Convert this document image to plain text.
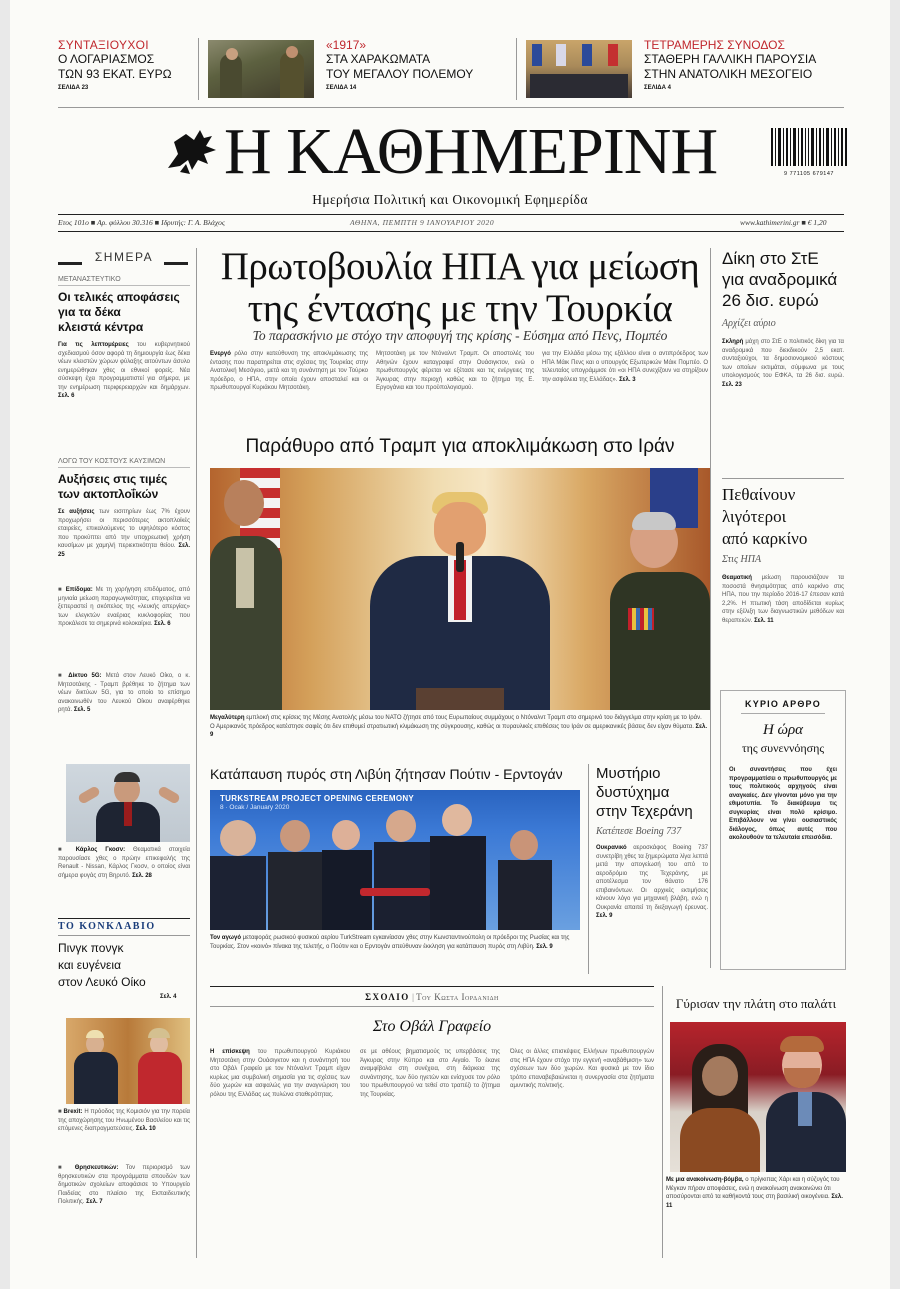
ΣΥΝΤΑΞΙΟΥΧΟΙ
Ο ΛΟΓΑΡΙΑΣΜΟΣ
ΤΩΝ 93 ΕΚΑΤ. ΕΥΡΩ
ΣΕΛΙΔΑ 23
«1917»
ΣΤΑ ΧΑΡΑΚΩΜΑΤΑ
ΤΟΥ ΜΕΓΑΛΟΥ ΠΟΛΕΜΟΥ
ΣΕΛΙΔΑ 14
ΤΕΤΡΑΜΕΡΗΣ ΣΥΝΟΔΟΣ
ΣΤΑΘΕΡΗ ΓΑΛΛΙΚΗ ΠΑΡΟΥΣΙΑ
ΣΤΗΝ ΑΝΑΤΟΛΙΚΗ ΜΕΣΟΓΕΙΟ
ΣΕΛΙΔΑ 4
Η ΚΑΘΗΜΕΡΙΝΗ	9 771105 679147
Ημερήσια Πολιτική και Οικονομική Εφημερίδα
Ετος 101ο ■ Αρ. φύλλου 30.316 ■ Ιδρυτής: Γ. Α. Βλάχος	ΑΘΗΝΑ, ΠΕΜΠΤΗ 9 ΙΑΝΟΥΑΡΙΟΥ 2020	www.kathimerini.gr ■ € 1,20
ΣΗΜΕΡΑ
ΜΕΤΑΝΑΣΤΕΥΤΙΚΟ
Οι τελικές αποφάσεις
για τα δέκα
κλειστά κέντρα
Για τις λεπτομέρειες του κυβερνητικού σχεδιασμού όσον αφορά τη δημιουργία έως δέκα νέων κλειστών χώρων φύλαξης αιτούντων άσυλο ενημερώθηκαν χθες οι εθνικοί φορείς. Νέα σύσκεψη έχει προγραμματιστεί για σήμερα, με την ενημέρωση περιφερειαρχών και δημάρχων. Σελ. 6
ΛΟΓΩ ΤΟΥ ΚΟΣΤΟΥΣ ΚΑΥΣΙΜΩΝ
Αυξήσεις στις τιμές
των ακτοπλοΐκών
Σε αυξήσεις των εισιτηρίων έως 7% έχουν προχωρήσει οι περισσότερες ακτοπλοϊκές εταιρείες, επικαλούμενες το υψηλότερο κόστος που προκύπτει από την υποχρεωτική χρήση καυσίμων με χαμηλή περιεκτικότητα θείου. Σελ. 25
■ Επίδομα: Με τη χορήγηση επιδόματος, από μηνιαία μείωση παραγωγικότητας, επιχειρείται να ξεπεραστεί η σκόπελος της «λευκής απεργίας» των ελεγκτών εναέριας κυκλοφορίας που προκάλεσε τα σημερινά κολοκαίρια. Σελ. 6
■ Δίκτυο 5G: Μετά στον Λευκό Οίκο, ο κ. Μητσοτάκης - Τραμπ βρέθηκε το ζήτημα των νέων δικτύων 5G, για το οποίο το επίσημο ανακοινωθέν του Λευκού Οίκου αναφέρθηκε ρητά. Σελ. 5
■ Κάρλος Γκοσν: Θεαματικά στοιχεία παρουσίασε χθες ο πρώην επικεφαλής της Renault - Nissan, Κάρλος Γκοσν, ο οποίος είναι σήμερα φυγάς στη Βηρυτό. Σελ. 28
ΤΟ ΚΟΝΚΛΑΒΙΟ
Πινγκ πονγκ
και ευγένεια
στον Λευκό Οίκο
Σελ. 4
■ Brexit: Η πρόοδος της Κομισιόν για την πορεία της αποχώρησης του Ηνωμένου Βασιλείου και τις επόμενες διαπραγματεύσεις. Σελ. 10
■ Θρησκευτικών: Τον περιορισμό των θρησκευτικών στα προγράμματα σπουδών των δημοτικών σχολείων αποφάσισε το Υπουργείο Παιδείας στο πλαίσιο της Εκπαιδευτικής Πολιτικής. Σελ. 7
Πρωτοβουλία ΗΠΑ για μείωση
της έντασης με την Τουρκία
Το παρασκήνιο με στόχο την αποφυγή της κρίσης - Εύσημα από Πενς, Πομπέο
Ενεργό ρόλο στην κατεύθυνση της αποκλιμάκωσης της έντασης που παρατηρείται στις σχέσεις της Τουρκίας στην Ανατολική Μεσόγειο, μετά και τη συνάντηση με τον Τούρκο πρόεδρο, ο ΗΠΑ, στην οποία έχουν αποσταλεί και οι πρωθυπουργοί Κυριάκου Μητσοτάκη.
Μητσοτάκη με τον Ντόναλντ Τραμπ. Οι αποστολές του Αθηνών έχουν καταγραφεί στην Ουάσιγκτον, ενώ ο πρωθυπουργός φέρεται να εξέτασε και τις ενέργειες της Άγκυρας στην περιοχή καθώς και το ζήτημα της Ε. Εργογάνια και του προϋπολογισμού.
για την Ελλάδα μέσω της εξάλλου είναι ο αντιπρόεδρος των ΗΠΑ Μάικ Πενς και ο υπουργός Εξωτερικών Μάικ Πομπέο. Ο τελευταίος υπογράμμισε ότι «οι ΗΠΑ συνεχίζουν να στηρίζουν την ασφάλεια της Ελλάδας». Σελ. 3
Παράθυρο από Τραμπ για αποκλιμάκωση στο Ιράν
Μεγαλύτερη εμπλοκή στις κρίσεις της Μέσης Ανατολής μέσω του ΝΑΤΟ ζήτησε από τους Ευρωπαίους συμμάχους ο Ντόναλντ Τραμπ στο σημερινό του διάγγελμα στην κρίση με το Ιράν. Ο Αμερικανός πρόεδρος κατέστησε σαφές ότι δεν επιθυμεί στρατιωτική κλιμάκωση της σύγκρουσης, καθώς οι πυραυλικές επιθέσεις του Ιράν σε αμερικανικές βάσεις δεν είχαν θύματα. Σελ. 9
Κατάπαυση πυρός στη Λιβύη ζήτησαν Πούτιν - Ερντογάν
TURKSTREAM PROJECT OPENING CEREMONY
8 · Ocak / January 2020
Τον αγωγό μεταφοράς ρωσικού φυσικού αερίου TurkStream εγκαινίασαν χθες στην Κωνσταντινούπολη οι πρόεδροι της Ρωσίας και της Τουρκίας. Στον «κοινό» πίνακα της τελετής, ο Πούτιν και ο Ερντογάν απεύθυναν έκκληση για κατάπαυση πυρός στη Λιβύη. Σελ. 9
Μυστήριο
δυστύχημα
στην Τεχεράνη
Κατέπεσε Boeing 737
Ουκρανικό αεροσκάφος Boeing 737 συνετρίβη χθες τα ξημερώματα λίγα λεπτά μετά την απογείωσή του από το αεροδρόμιο της Τεχεράνης, με αποτέλεσμα τον θάνατο 176 επιβαινόντων. Οι αρχικές εκτιμήσεις κάνουν λόγο για μηχανική βλάβη, ενώ η Ουκρανία απαιτεί τη διεξαγωγή έρευνας. Σελ. 9
Δίκη στο ΣτΕ
για αναδρομικά
26 δισ. ευρώ
Αρχίζει αύριο
Σκληρή μάχη στο ΣτΕ ο πολιτικός δίκη για τα αναδρομικά που διεκδικούν 2,5 εκατ. συνταξιούχοι, τα δημοσιονομικού κόστους των οποίων εκτιμάται, σύμφωνα με τους υπολογισμούς του ΕΦΚΑ, τα 26 δισ. ευρώ. Σελ. 23
Πεθαίνουν
λιγότεροι
από καρκίνο
Στις ΗΠΑ
Θεαματική μείωση παρουσιάζουν τα ποσοστά θνησιμότητας από καρκίνο στις ΗΠΑ, που την περίοδο 2016-17 έπεσαν κατά 2,2%. Η πτωτική τάση αποδίδεται κυρίως στην εξέλιξη των διαγνωστικών μεθόδων και θεραπειών. Σελ. 11
ΚΥΡΙΟ ΑΡΘΡΟ
Η ώρα
της συνεννόησης
Οι συναντήσεις που έχει προγραμματίσει ο πρωθυπουργός με τους πολιτικούς αρχηγούς είναι αναγκαίες. Δεν γίνονται μόνο για την εθιμοτυπία. Το διακύβευμα τις συγκυρίας είναι πολύ κρίσιμο. Επιβάλλουν να γίνει ουσιαστικός διάλογος, όπως αυτές που ακολουθούν τα τελευταία επεισόδια.
ΣΧΟΛΙΟ | Του Κωστα Ιορδανιδη
Στο Οβάλ Γραφείο
Η επίσκεψη του πρωθυπουργού Κυριάκου Μητσοτάκη στην Ουάσιγκτον και η συνάντησή του στο Οβάλ Γραφείο με τον Ντόναλντ Τραμπ είχαν κυρίως μια συμβολική σημασία για τις σχέσεις των δύο χωρών και ασφαλώς για την αναγνώριση του ρόλου της Ελλάδας ως πυλώνα σταθερότητας.
σε με αθέους βηματισμούς τις υπερβάσεις της Άγκυρας στην Κύπρο και στο Αιγαίο. Το έκανε αναμφίβολα στη συνέχεια, στη διάρκεια της συνάντησης, των δύο ηγετών και ενίσχυσε τον ρόλο του πρωθυπουργού να τεθεί στο τραπέζι το ζήτημα της Τουρκίας.
Όλες οι άλλες επισκέψεις Ελλήνων πρωθυπουργών στις ΗΠΑ έχουν στόχο την εγγενή «αναβάθμιση» των σχέσεων των δύο χωρών. Και φυσικά με τον ίδιο τρόπο επαναβεβαιώνεται η συνεργασία στα ζητήματα αμυντικής πολιτικής.
Γύρισαν την πλάτη στο παλάτι
Με μια ανακοίνωση-βόμβα, ο πρίγκιπας Χάρι και η σύζυγός του Μέγκαν πήραν αποφάσεις, ενώ η ανακοίνωση ανακοινώνει ότι αποσύρονται από τα καθήκοντά τους στη βασιλική οικογένεια. Σελ. 11
